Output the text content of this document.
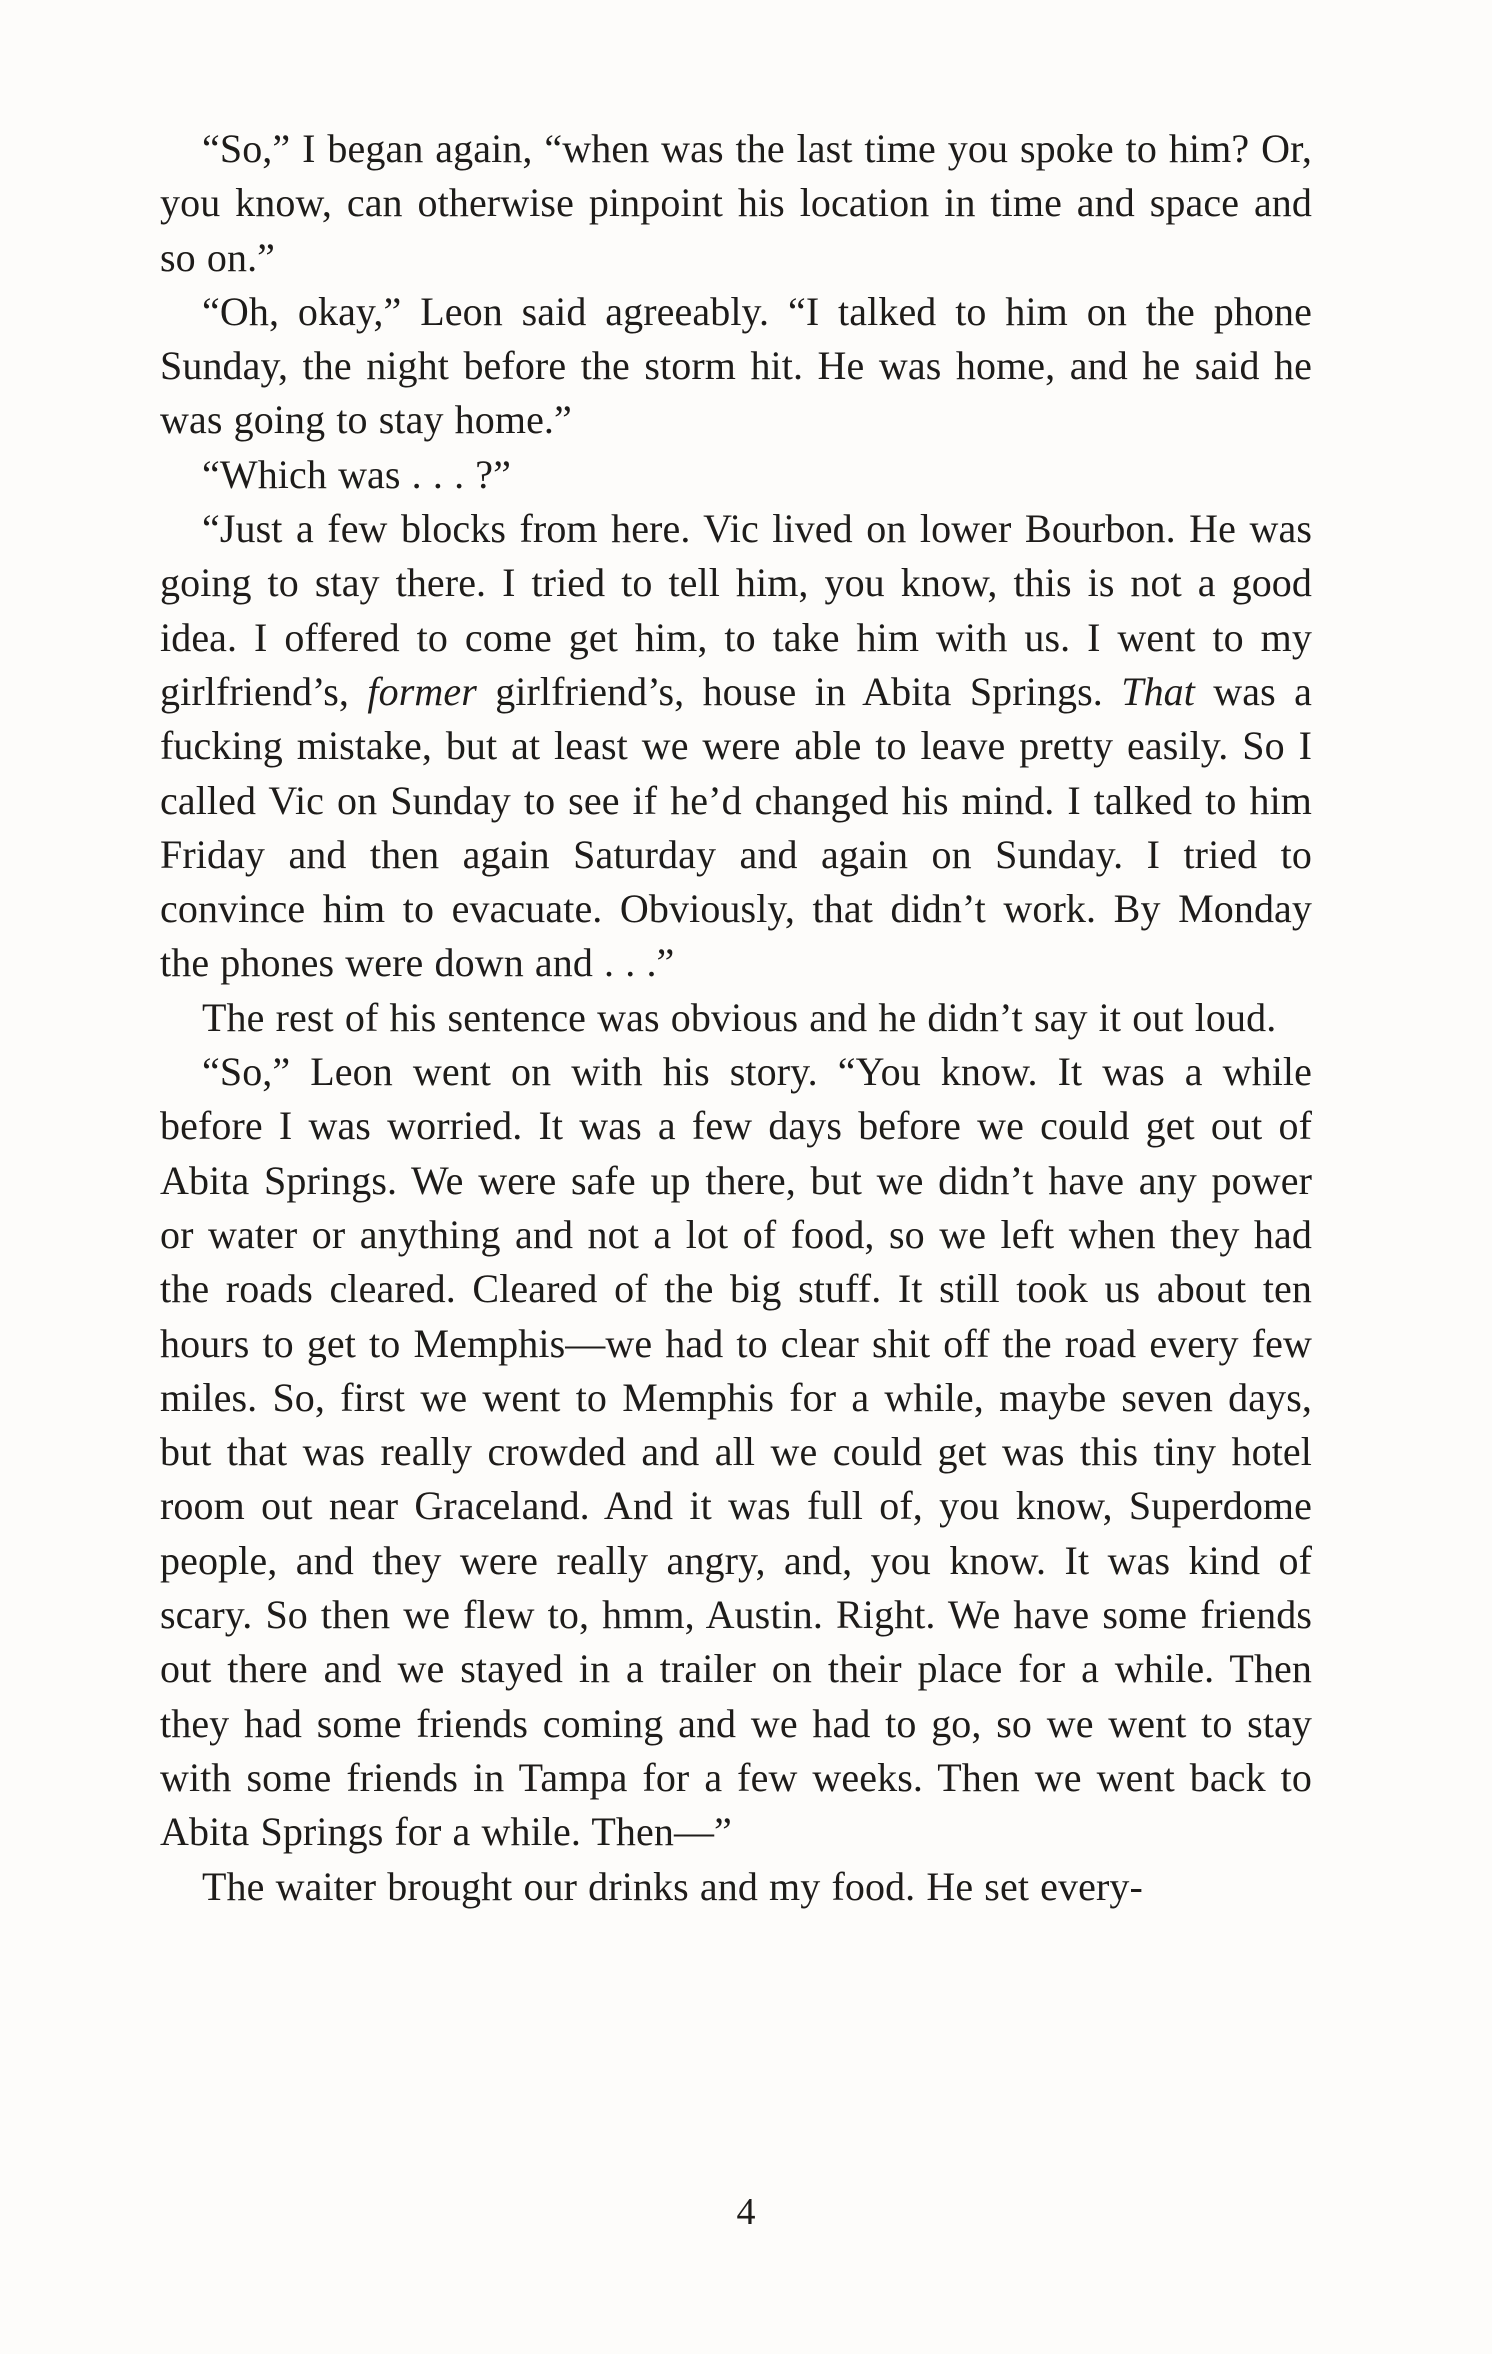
“So,” I began again, “when was the last time you spoke to him? Or, you know, can otherwise pinpoint his location in time and space and so on.”

“Oh, okay,” Leon said agreeably. “I talked to him on the phone Sunday, the night before the storm hit. He was home, and he said he was going to stay home.”

“Which was . . . ?”

“Just a few blocks from here. Vic lived on lower Bourbon. He was going to stay there. I tried to tell him, you know, this is not a good idea. I offered to come get him, to take him with us. I went to my girlfriend’s, former girlfriend’s, house in Abita Springs. That was a fucking mistake, but at least we were able to leave pretty easily. So I called Vic on Sunday to see if he’d changed his mind. I talked to him Friday and then again Saturday and again on Sunday. I tried to convince him to evacuate. Obviously, that didn’t work. By Monday the phones were down and . . .”

The rest of his sentence was obvious and he didn’t say it out loud.

“So,” Leon went on with his story. “You know. It was a while before I was worried. It was a few days before we could get out of Abita Springs. We were safe up there, but we didn’t have any power or water or anything and not a lot of food, so we left when they had the roads cleared. Cleared of the big stuff. It still took us about ten hours to get to Memphis—we had to clear shit off the road every few miles. So, first we went to Memphis for a while, maybe seven days, but that was really crowded and all we could get was this tiny hotel room out near Graceland. And it was full of, you know, Superdome people, and they were really angry, and, you know. It was kind of scary. So then we flew to, hmm, Austin. Right. We have some friends out there and we stayed in a trailer on their place for a while. Then they had some friends coming and we had to go, so we went to stay with some friends in Tampa for a few weeks. Then we went back to Abita Springs for a while. Then—”

The waiter brought our drinks and my food. He set every-

4
